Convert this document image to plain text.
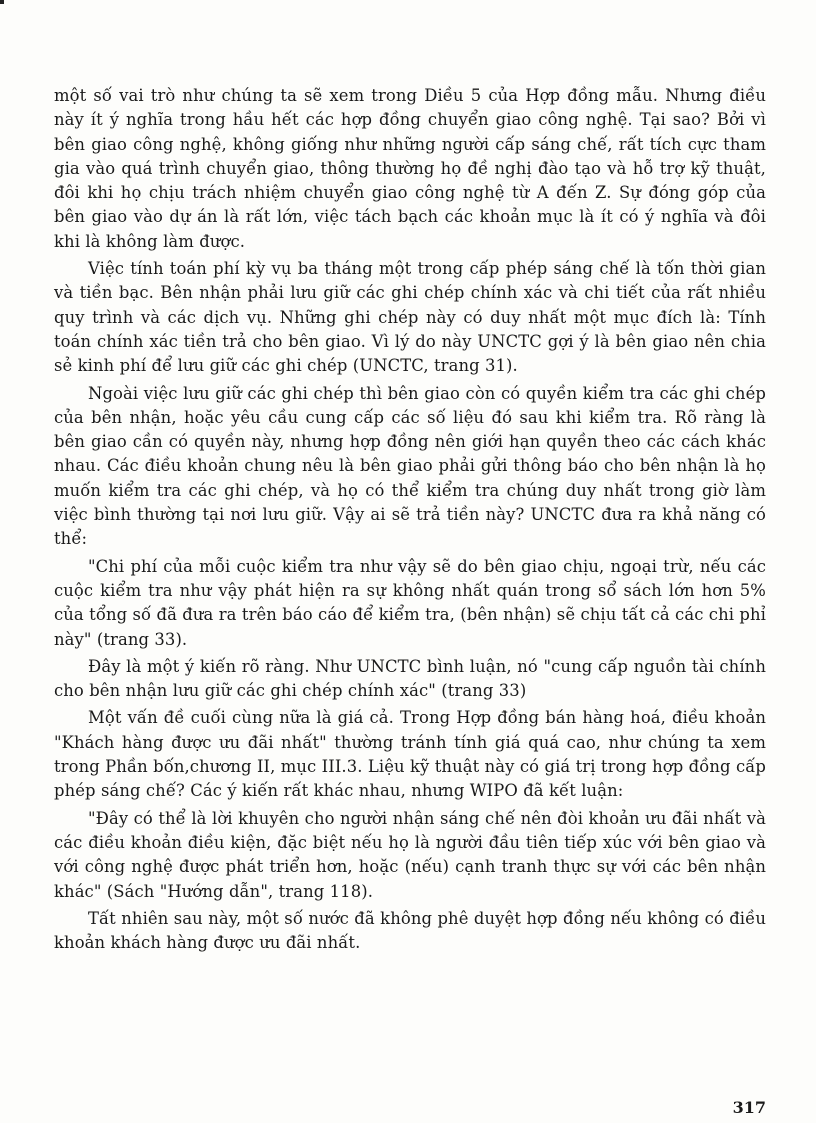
một số vai trò như chúng ta sẽ xem trong Diều 5 của Hợp đồng mẫu. Nhưng điều này ít ý nghĩa trong hầu hết các hợp đồng chuyển giao công nghệ. Tại sao? Bởi vì bên giao công nghệ, không giống như những người cấp sáng chế, rất tích cực tham gia vào quá trình chuyển giao, thông thường họ đề nghị đào tạo và hỗ trợ kỹ thuật, đôi khi họ chịu trách nhiệm chuyển giao công nghệ từ A đến Z. Sự đóng góp của bên giao vào dự án là rất lớn, việc tách bạch các khoản mục là ít có ý nghĩa và đôi khi là không làm được.

Việc tính toán phí kỳ vụ ba tháng một trong cấp phép sáng chế là tốn thời gian và tiền bạc. Bên nhận phải lưu giữ các ghi chép chính xác và chi tiết của rất nhiều quy trình và các dịch vụ. Những ghi chép này có duy nhất một mục đích là: Tính toán chính xác tiền trả cho bên giao. Vì lý do này UNCTC gợi ý là bên giao nên chia sẻ kinh phí để lưu giữ các ghi chép (UNCTC, trang 31).

Ngoài việc lưu giữ các ghi chép thì bên giao còn có quyền kiểm tra các ghi chép của bên nhận, hoặc yêu cầu cung cấp các số liệu đó sau khi kiểm tra. Rõ ràng là bên giao cần có quyền này, nhưng hợp đồng nên giới hạn quyền theo các cách khác nhau. Các điều khoản chung nêu là bên giao phải gửi thông báo cho bên nhận là họ muốn kiểm tra các ghi chép, và họ có thể kiểm tra chúng duy nhất trong giờ làm việc bình thường tại nơi lưu giữ. Vậy ai sẽ trả tiền này? UNCTC đưa ra khả năng có thể:

"Chi phí của mỗi cuộc kiểm tra như vậy sẽ do bên giao chịu, ngoại trừ, nếu các cuộc kiểm tra như vậy phát hiện ra sự không nhất quán trong sổ sách lớn hơn 5% của tổng số đã đưa ra trên báo cáo để kiểm tra, (bên nhận) sẽ chịu tất cả các chi phỉ này" (trang 33).

Đây là một ý kiến rõ ràng. Như UNCTC bình luận, nó "cung cấp nguồn tài chính cho bên nhận lưu giữ các ghi chép chính xác" (trang 33)

Một vấn đề cuối cùng nữa là giá cả. Trong Hợp đồng bán hàng hoá, điều khoản "Khách hàng được ưu đãi nhất" thường tránh tính giá quá cao, như chúng ta xem trong Phần bốn,chương II, mục III.3. Liệu kỹ thuật này có giá trị trong hợp đồng cấp phép sáng chế? Các ý kiến rất khác nhau, nhưng WIPO đã kết luận:

"Đây có thể là lời khuyên cho người nhận sáng chế nên đòi khoản ưu đãi nhất và các điều khoản điều kiện, đặc biệt nếu họ là người đầu tiên tiếp xúc với bên giao và với công nghệ được phát triển hơn, hoặc (nếu) cạnh tranh thực sự với các bên nhận khác" (Sách "Hướng dẫn", trang 118).

Tất nhiên sau này, một số nước đã không phê duyệt hợp đồng nếu không có điều khoản khách hàng được ưu đãi nhất.

317
